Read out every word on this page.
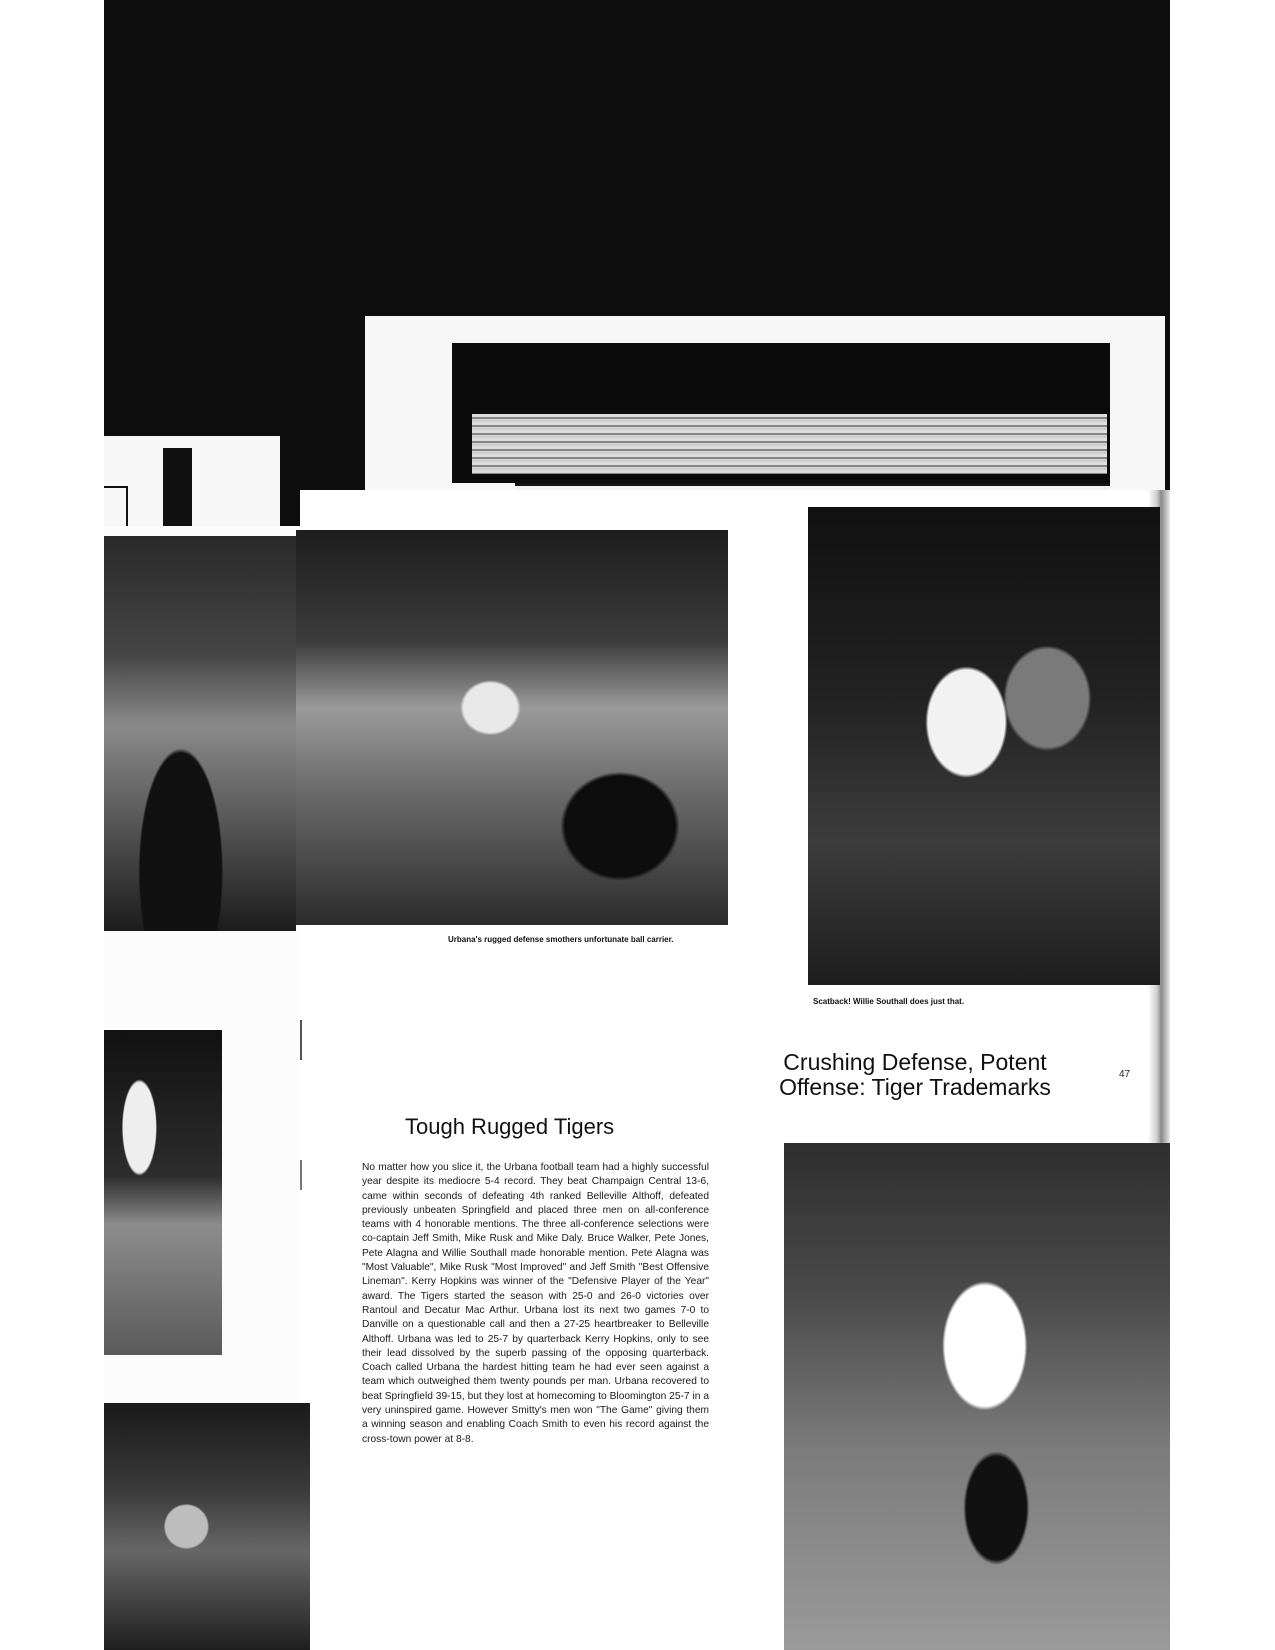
Urbana's rugged defense smothers unfortunate ball carrier.
Scatback! Willie Southall does just that.
Crushing Defense, Potent
Offense: Tiger Trademarks	47
Tough Rugged Tigers
No matter how you slice it, the Urbana football team had a highly successful year despite its mediocre 5-4 record. They beat Champaign Central 13-6, came within seconds of defeating 4th ranked Belleville Althoff, defeated previously unbeaten Springfield and placed three men on all-conference teams with 4 honorable mentions. The three all-conference selections were co-captain Jeff Smith, Mike Rusk and Mike Daly. Bruce Walker, Pete Jones, Pete Alagna and Willie Southall made honorable mention. Pete Alagna was "Most Valuable", Mike Rusk "Most Improved" and Jeff Smith "Best Offensive Lineman". Kerry Hopkins was winner of the "Defensive Player of the Year" award. The Tigers started the season with 25-0 and 26-0 victories over Rantoul and Decatur Mac Arthur. Urbana lost its next two games 7-0 to Danville on a questionable call and then a 27-25 heartbreaker to Belleville Althoff. Urbana was led to 25-7 by quarterback Kerry Hopkins, only to see their lead dissolved by the superb passing of the opposing quarterback. Coach called Urbana the hardest hitting team he had ever seen against a team which outweighed them twenty pounds per man. Urbana recovered to beat Springfield 39-15, but they lost at homecoming to Bloomington 25-7 in a very uninspired game. However Smitty's men won "The Game" giving them a winning season and enabling Coach Smith to even his record against the cross-town power at 8-8.
